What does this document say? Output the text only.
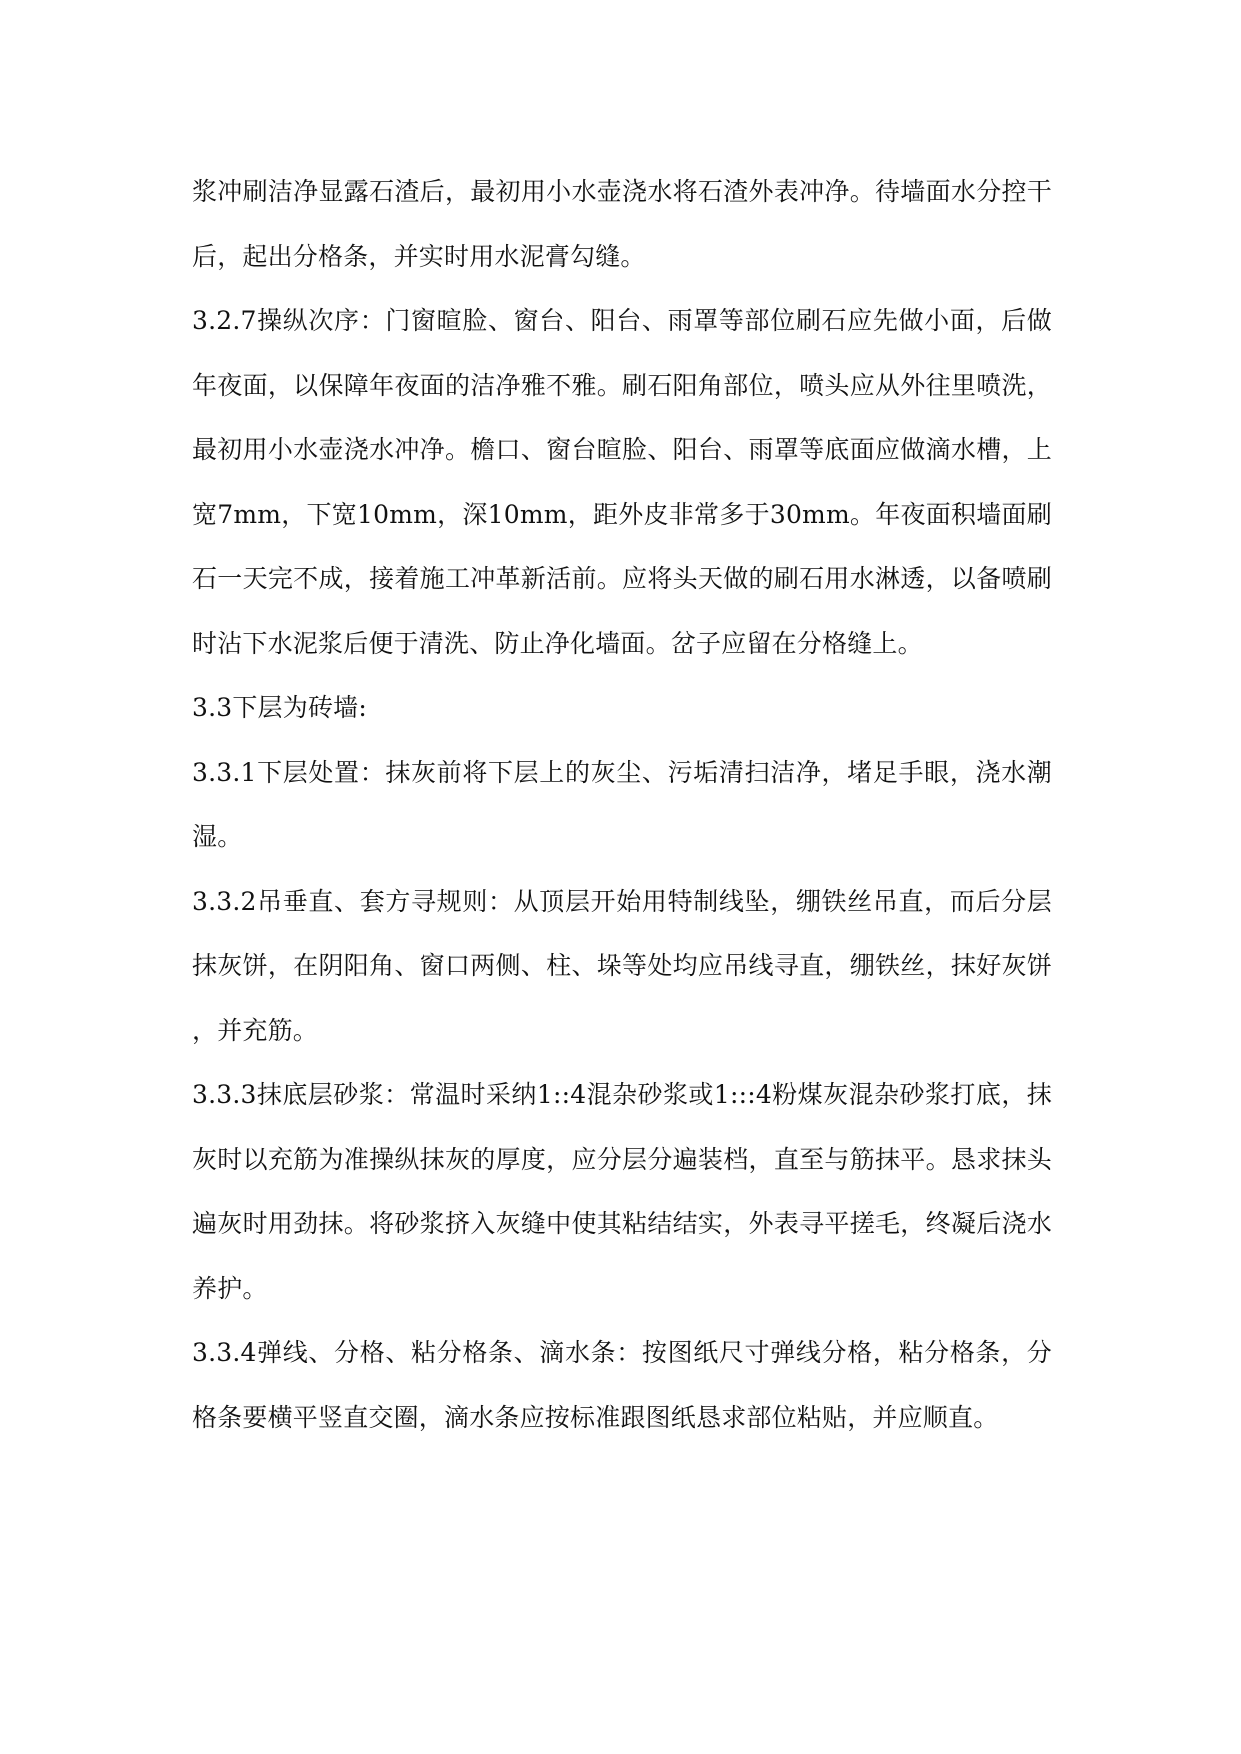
浆冲刷洁净显露石渣后，最初用小水壶浇水将石渣外表冲净。待墙面水分控干后，起出分格条，并实时用水泥膏勾缝。

3.2.7操纵次序：门窗暄脸、窗台、阳台、雨罩等部位刷石应先做小面，后做年夜面，以保障年夜面的洁净雅不雅。刷石阳角部位，喷头应从外往里喷洗，最初用小水壶浇水冲净。檐口、窗台暄脸、阳台、雨罩等底面应做滴水槽，上宽7mm，下宽10mm，深10mm，距外皮非常多于30mm。年夜面积墙面刷石一天完不成，接着施工冲革新活前。应将头天做的刷石用水淋透，以备喷刷时沾下水泥浆后便于清洗、防止净化墙面。岔子应留在分格缝上。

3.3下层为砖墙:

3.3.1下层处置：抹灰前将下层上的灰尘、污垢清扫洁净，堵足手眼，浇水潮湿。

3.3.2吊垂直、套方寻规则：从顶层开始用特制线坠，绷铁丝吊直，而后分层抹灰饼，在阴阳角、窗口两侧、柱、垛等处均应吊线寻直，绷铁丝，抹好灰饼，并充筋。

3.3.3抹底层砂浆：常温时采纳1::4混杂砂浆或1:::4粉煤灰混杂砂浆打底，抹灰时以充筋为准操纵抹灰的厚度，应分层分遍装档，直至与筋抹平。恳求抹头遍灰时用劲抹。将砂浆挤入灰缝中使其粘结结实，外表寻平搓毛，终凝后浇水养护。

3.3.4弹线、分格、粘分格条、滴水条：按图纸尺寸弹线分格，粘分格条，分格条要横平竖直交圈，滴水条应按标准跟图纸恳求部位粘贴，并应顺直。
